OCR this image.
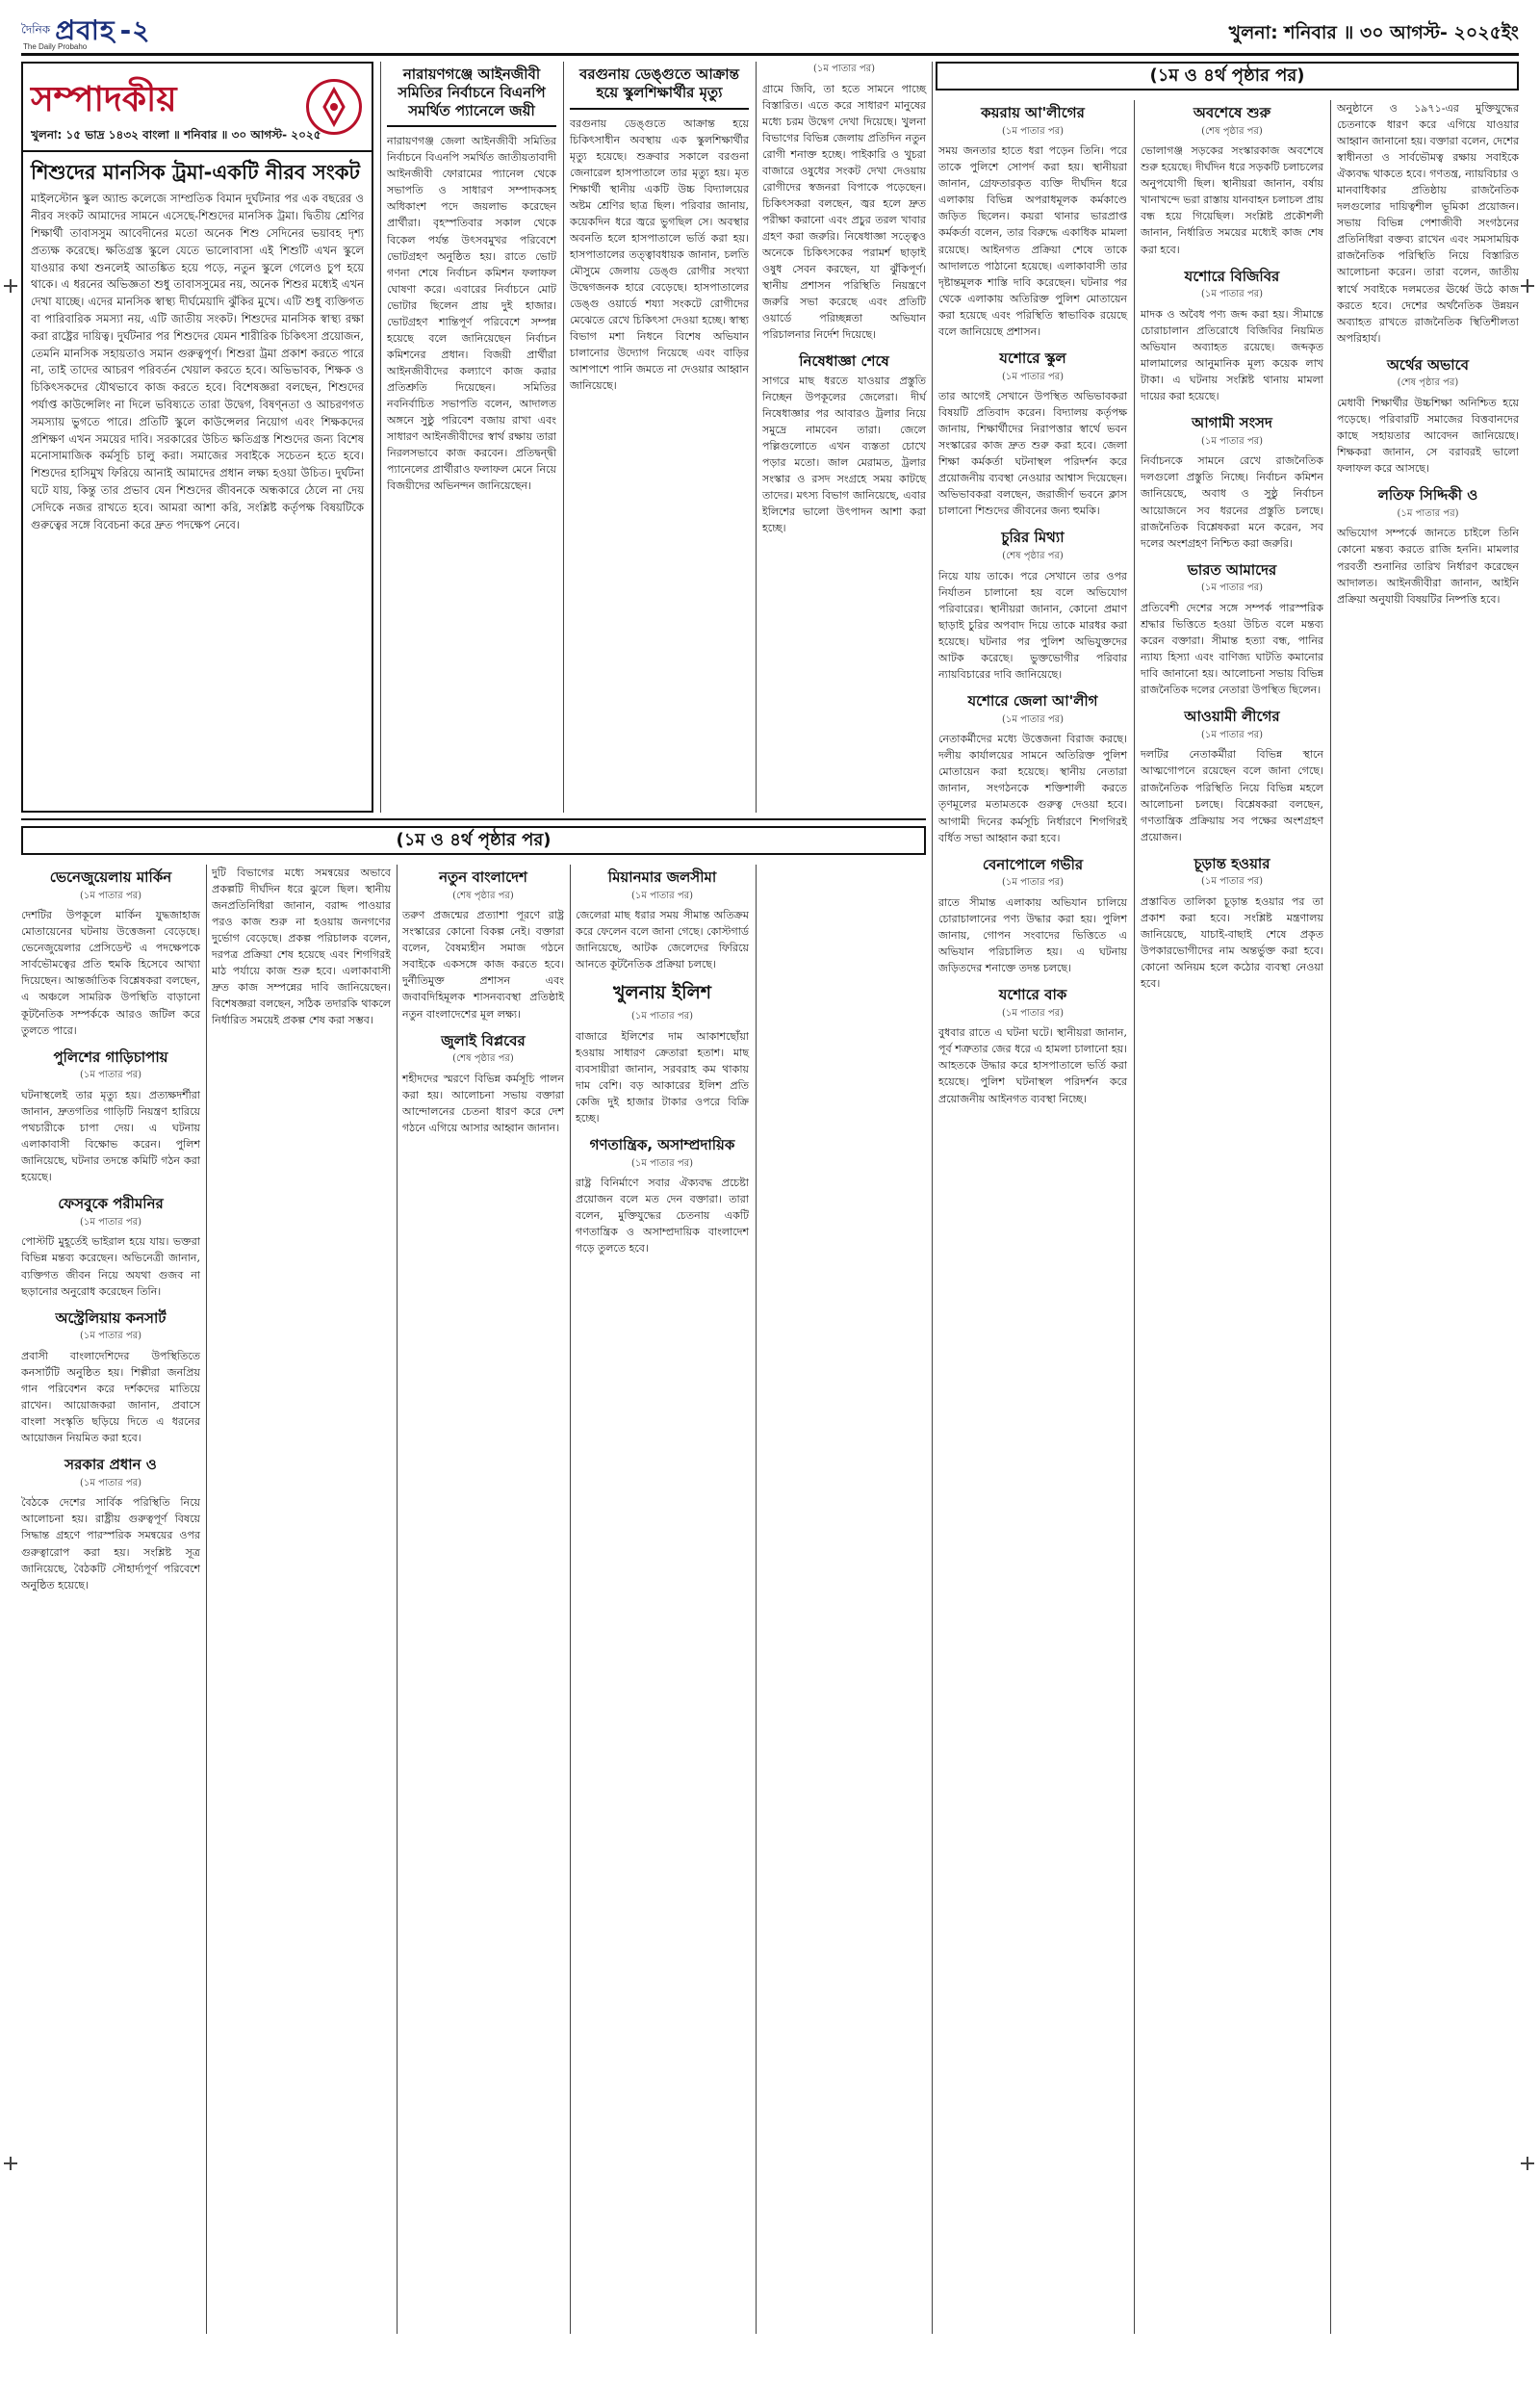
$^{দৈনিক}$ প্রবাহ -২
The Daily Probaho
খুলনা: শনিবার ॥ ৩০ আগস্ট- ২০২৫ইং
সম্পাদকীয়
খুলনা: ১৫ ভাদ্র ১৪৩২ বাংলা ॥ শনিবার ॥ ৩০ আগস্ট- ২০২৫
শিশুদের মানসিক ট্রমা-একটি নীরব সংকট

মাইলস্টোন স্কুল অ্যান্ড কলেজে সাম্প্রতিক বিমান দুর্ঘটনার পর এক বছরের ও নীরব সংকট আমাদের সামনে এসেছে-শিশুদের মানসিক ট্রমা। দ্বিতীয় শ্রেণির শিক্ষার্থী তাবাসসুম আবেদীনের মতো অনেক শিশু সেদিনের ভয়াবহ দৃশ্য প্রত্যক্ষ করেছে। ক্ষতিগ্রস্ত স্কুলে যেতে ভালোবাসা এই শিশুটি এখন স্কুলে যাওয়ার কথা শুনলেই আতঙ্কিত হয়ে পড়ে, নতুন স্কুলে গেলেও চুপ হয়ে থাকে। এ ধরনের অভিজ্ঞতা শুধু তাবাসসুমের নয়, অনেক শিশুর মধ্যেই এখন দেখা যাচ্ছে। এদের মানসিক স্বাস্থ্য দীর্ঘমেয়াদি ঝুঁকির মুখে। এটি শুধু ব্যক্তিগত বা পারিবারিক সমস্যা নয়, এটি জাতীয় সংকট। শিশুদের মানসিক স্বাস্থ্য রক্ষা করা রাষ্ট্রের দায়িত্ব। দুর্ঘটনার পর শিশুদের যেমন শারীরিক চিকিৎসা প্রয়োজন, তেমনি মানসিক সহায়তাও সমান গুরুত্বপূর্ণ। শিশুরা ট্রমা প্রকাশ করতে পারে না, তাই তাদের আচরণ পরিবর্তন খেয়াল করতে হবে। অভিভাবক, শিক্ষক ও চিকিৎসকদের যৌথভাবে কাজ করতে হবে। বিশেষজ্ঞরা বলছেন, শিশুদের পর্যাপ্ত কাউন্সেলিং না দিলে ভবিষ্যতে তারা উদ্বেগ, বিষণ্নতা ও আচরণগত সমস্যায় ভুগতে পারে। প্রতিটি স্কুলে কাউন্সেলর নিয়োগ এবং শিক্ষকদের প্রশিক্ষণ এখন সময়ের দাবি। সরকারের উচিত ক্ষতিগ্রস্ত শিশুদের জন্য বিশেষ মনোসামাজিক কর্মসূচি চালু করা। সমাজের সবাইকে সচেতন হতে হবে। শিশুদের হাসিমুখ ফিরিয়ে আনাই আমাদের প্রধান লক্ষ্য হওয়া উচিত। দুর্ঘটনা ঘটে যায়, কিন্তু তার প্রভাব যেন শিশুদের জীবনকে অন্ধকারে ঠেলে না দেয় সেদিকে নজর রাখতে হবে। আমরা আশা করি, সংশ্লিষ্ট কর্তৃপক্ষ বিষয়টিকে গুরুত্বের সঙ্গে বিবেচনা করে দ্রুত পদক্ষেপ নেবে।

নারায়ণগঞ্জে আইনজীবী সমিতির নির্বাচনে বিএনপি সমর্থিত প্যানেলে জয়ী

নারায়ণগঞ্জ জেলা আইনজীবী সমিতির নির্বাচনে বিএনপি সমর্থিত জাতীয়তাবাদী আইনজীবী ফোরামের প্যানেল থেকে সভাপতি ও সাধারণ সম্পাদকসহ অধিকাংশ পদে জয়লাভ করেছেন প্রার্থীরা। বৃহস্পতিবার সকাল থেকে বিকেল পর্যন্ত উৎসবমুখর পরিবেশে ভোটগ্রহণ অনুষ্ঠিত হয়। রাতে ভোট গণনা শেষে নির্বাচন কমিশন ফলাফল ঘোষণা করে। এবারের নির্বাচনে মোট ভোটার ছিলেন প্রায় দুই হাজার। ভোটগ্রহণ শান্তিপূর্ণ পরিবেশে সম্পন্ন হয়েছে বলে জানিয়েছেন নির্বাচন কমিশনের প্রধান। বিজয়ী প্রার্থীরা আইনজীবীদের কল্যাণে কাজ করার প্রতিশ্রুতি দিয়েছেন। সমিতির নবনির্বাচিত সভাপতি বলেন, আদালত অঙ্গনে সুষ্ঠু পরিবেশ বজায় রাখা এবং সাধারণ আইনজীবীদের স্বার্থ রক্ষায় তারা নিরলসভাবে কাজ করবেন। প্রতিদ্বন্দ্বী প্যানেলের প্রার্থীরাও ফলাফল মেনে নিয়ে বিজয়ীদের অভিনন্দন জানিয়েছেন।

বরগুনায় ডেঙ্গুতে আক্রান্ত হয়ে স্কুলশিক্ষার্থীর মৃত্যু

বরগুনায় ডেঙ্গুতে আক্রান্ত হয়ে চিকিৎসাধীন অবস্থায় এক স্কুলশিক্ষার্থীর মৃত্যু হয়েছে। শুক্রবার সকালে বরগুনা জেনারেল হাসপাতালে তার মৃত্যু হয়। মৃত শিক্ষার্থী স্থানীয় একটি উচ্চ বিদ্যালয়ের অষ্টম শ্রেণির ছাত্র ছিল। পরিবার জানায়, কয়েকদিন ধরে জ্বরে ভুগছিল সে। অবস্থার অবনতি হলে হাসপাতালে ভর্তি করা হয়। হাসপাতালের তত্ত্বাবধায়ক জানান, চলতি মৌসুমে জেলায় ডেঙ্গু রোগীর সংখ্যা উদ্বেগজনক হারে বেড়েছে। হাসপাতালের ডেঙ্গু ওয়ার্ডে শয্যা সংকটে রোগীদের মেঝেতে রেখে চিকিৎসা দেওয়া হচ্ছে। স্বাস্থ্য বিভাগ মশা নিধনে বিশেষ অভিযান চালানোর উদ্যোগ নিয়েছে এবং বাড়ির আশপাশে পানি জমতে না দেওয়ার আহ্বান জানিয়েছে।

(১ম পাতার পর)

গ্রামে জিবি, তা হতে সামনে পাচ্ছে বিস্তারিত। এতে করে সাধারণ মানুষের মধ্যে চরম উদ্বেগ দেখা দিয়েছে। খুলনা বিভাগের বিভিন্ন জেলায় প্রতিদিন নতুন রোগী শনাক্ত হচ্ছে। পাইকারি ও খুচরা বাজারে ওষুধের সংকট দেখা দেওয়ায় রোগীদের স্বজনরা বিপাকে পড়েছেন। চিকিৎসকরা বলছেন, জ্বর হলে দ্রুত পরীক্ষা করানো এবং প্রচুর তরল খাবার গ্রহণ করা জরুরি। নিষেধাজ্ঞা সত্ত্বেও অনেকে চিকিৎসকের পরামর্শ ছাড়াই ওষুধ সেবন করছেন, যা ঝুঁকিপূর্ণ। স্থানীয় প্রশাসন পরিস্থিতি নিয়ন্ত্রণে জরুরি সভা করেছে এবং প্রতিটি ওয়ার্ডে পরিচ্ছন্নতা অভিযান পরিচালনার নির্দেশ দিয়েছে।

নিষেধাজ্ঞা শেষে

সাগরে মাছ ধরতে যাওয়ার প্রস্তুতি নিচ্ছেন উপকূলের জেলেরা। দীর্ঘ নিষেধাজ্ঞার পর আবারও ট্রলার নিয়ে সমুদ্রে নামবেন তারা। জেলে পল্লিগুলোতে এখন ব্যস্ততা চোখে পড়ার মতো। জাল মেরামত, ট্রলার সংস্কার ও রসদ সংগ্রহে সময় কাটছে তাদের। মৎস্য বিভাগ জানিয়েছে, এবার ইলিশের ভালো উৎপাদন আশা করা হচ্ছে।

(১ম ও ৪র্থ পৃষ্ঠার পর)
কয়রায় আ'লীগের
(১ম পাতার পর)

সময় জনতার হাতে ধরা পড়েন তিনি। পরে তাকে পুলিশে সোপর্দ করা হয়। স্থানীয়রা জানান, গ্রেফতারকৃত ব্যক্তি দীর্ঘদিন ধরে এলাকায় বিভিন্ন অপরাধমূলক কর্মকাণ্ডে জড়িত ছিলেন। কয়রা থানার ভারপ্রাপ্ত কর্মকর্তা বলেন, তার বিরুদ্ধে একাধিক মামলা রয়েছে। আইনগত প্রক্রিয়া শেষে তাকে আদালতে পাঠানো হয়েছে। এলাকাবাসী তার দৃষ্টান্তমূলক শাস্তি দাবি করেছেন। ঘটনার পর থেকে এলাকায় অতিরিক্ত পুলিশ মোতায়েন করা হয়েছে এবং পরিস্থিতি স্বাভাবিক রয়েছে বলে জানিয়েছে প্রশাসন।

যশোরে স্কুল
(১ম পাতার পর)

তার আগেই সেখানে উপস্থিত অভিভাবকরা বিষয়টি প্রতিবাদ করেন। বিদ্যালয় কর্তৃপক্ষ জানায়, শিক্ষার্থীদের নিরাপত্তার স্বার্থে ভবন সংস্কারের কাজ দ্রুত শুরু করা হবে। জেলা শিক্ষা কর্মকর্তা ঘটনাস্থল পরিদর্শন করে প্রয়োজনীয় ব্যবস্থা নেওয়ার আশ্বাস দিয়েছেন। অভিভাবকরা বলছেন, জরাজীর্ণ ভবনে ক্লাস চালানো শিশুদের জীবনের জন্য হুমকি।

চুরির মিথ্যা
(শেষ পৃষ্ঠার পর)

নিয়ে যায় তাকে। পরে সেখানে তার ওপর নির্যাতন চালানো হয় বলে অভিযোগ পরিবারের। স্থানীয়রা জানান, কোনো প্রমাণ ছাড়াই চুরির অপবাদ দিয়ে তাকে মারধর করা হয়েছে। ঘটনার পর পুলিশ অভিযুক্তদের আটক করেছে। ভুক্তভোগীর পরিবার ন্যায়বিচারের দাবি জানিয়েছে।

যশোরে জেলা আ'লীগ
(১ম পাতার পর)

নেতাকর্মীদের মধ্যে উত্তেজনা বিরাজ করছে। দলীয় কার্যালয়ের সামনে অতিরিক্ত পুলিশ মোতায়েন করা হয়েছে। স্থানীয় নেতারা জানান, সংগঠনকে শক্তিশালী করতে তৃণমূলের মতামতকে গুরুত্ব দেওয়া হবে। আগামী দিনের কর্মসূচি নির্ধারণে শিগগিরই বর্ধিত সভা আহ্বান করা হবে।

বেনাপোলে গভীর
(১ম পাতার পর)

রাতে সীমান্ত এলাকায় অভিযান চালিয়ে চোরাচালানের পণ্য উদ্ধার করা হয়। পুলিশ জানায়, গোপন সংবাদের ভিত্তিতে এ অভিযান পরিচালিত হয়। এ ঘটনায় জড়িতদের শনাক্তে তদন্ত চলছে।

যশোরে বাক
(১ম পাতার পর)

বুধবার রাতে এ ঘটনা ঘটে। স্থানীয়রা জানান, পূর্ব শত্রুতার জের ধরে এ হামলা চালানো হয়। আহতকে উদ্ধার করে হাসপাতালে ভর্তি করা হয়েছে। পুলিশ ঘটনাস্থল পরিদর্শন করে প্রয়োজনীয় আইনগত ব্যবস্থা নিচ্ছে।

অবশেষে শুরু
(শেষ পৃষ্ঠার পর)

ভোলাগঞ্জ সড়কের সংস্কারকাজ অবশেষে শুরু হয়েছে। দীর্ঘদিন ধরে সড়কটি চলাচলের অনুপযোগী ছিল। স্থানীয়রা জানান, বর্ষায় খানাখন্দে ভরা রাস্তায় যানবাহন চলাচল প্রায় বন্ধ হয়ে গিয়েছিল। সংশ্লিষ্ট প্রকৌশলী জানান, নির্ধারিত সময়ের মধ্যেই কাজ শেষ করা হবে।

যশোরে বিজিবির
(১ম পাতার পর)

মাদক ও অবৈধ পণ্য জব্দ করা হয়। সীমান্তে চোরাচালান প্রতিরোধে বিজিবির নিয়মিত অভিযান অব্যাহত রয়েছে। জব্দকৃত মালামালের আনুমানিক মূল্য কয়েক লাখ টাকা। এ ঘটনায় সংশ্লিষ্ট থানায় মামলা দায়ের করা হয়েছে।

আগামী সংসদ
(১ম পাতার পর)

নির্বাচনকে সামনে রেখে রাজনৈতিক দলগুলো প্রস্তুতি নিচ্ছে। নির্বাচন কমিশন জানিয়েছে, অবাধ ও সুষ্ঠু নির্বাচন আয়োজনে সব ধরনের প্রস্তুতি চলছে। রাজনৈতিক বিশ্লেষকরা মনে করেন, সব দলের অংশগ্রহণ নিশ্চিত করা জরুরি।

ভারত আমাদের
(১ম পাতার পর)

প্রতিবেশী দেশের সঙ্গে সম্পর্ক পারস্পরিক শ্রদ্ধার ভিত্তিতে হওয়া উচিত বলে মন্তব্য করেন বক্তারা। সীমান্ত হত্যা বন্ধ, পানির ন্যায্য হিস্যা এবং বাণিজ্য ঘাটতি কমানোর দাবি জানানো হয়। আলোচনা সভায় বিভিন্ন রাজনৈতিক দলের নেতারা উপস্থিত ছিলেন।

আওয়ামী লীগের
(১ম পাতার পর)

দলটির নেতাকর্মীরা বিভিন্ন স্থানে আত্মগোপনে রয়েছেন বলে জানা গেছে। রাজনৈতিক পরিস্থিতি নিয়ে বিভিন্ন মহলে আলোচনা চলছে। বিশ্লেষকরা বলছেন, গণতান্ত্রিক প্রক্রিয়ায় সব পক্ষের অংশগ্রহণ প্রয়োজন।

চূড়ান্ত হওয়ার
(১ম পাতার পর)

প্রস্তাবিত তালিকা চূড়ান্ত হওয়ার পর তা প্রকাশ করা হবে। সংশ্লিষ্ট মন্ত্রণালয় জানিয়েছে, যাচাই-বাছাই শেষে প্রকৃত উপকারভোগীদের নাম অন্তর্ভুক্ত করা হবে। কোনো অনিয়ম হলে কঠোর ব্যবস্থা নেওয়া হবে।

অনুষ্ঠানে ও ১৯৭১-এর মুক্তিযুদ্ধের চেতনাকে ধারণ করে এগিয়ে যাওয়ার আহ্বান জানানো হয়। বক্তারা বলেন, দেশের স্বাধীনতা ও সার্বভৌমত্ব রক্ষায় সবাইকে ঐক্যবদ্ধ থাকতে হবে। গণতন্ত্র, ন্যায়বিচার ও মানবাধিকার প্রতিষ্ঠায় রাজনৈতিক দলগুলোর দায়িত্বশীল ভূমিকা প্রয়োজন। সভায় বিভিন্ন পেশাজীবী সংগঠনের প্রতিনিধিরা বক্তব্য রাখেন এবং সমসাময়িক রাজনৈতিক পরিস্থিতি নিয়ে বিস্তারিত আলোচনা করেন। তারা বলেন, জাতীয় স্বার্থে সবাইকে দলমতের ঊর্ধ্বে উঠে কাজ করতে হবে। দেশের অর্থনৈতিক উন্নয়ন অব্যাহত রাখতে রাজনৈতিক স্থিতিশীলতা অপরিহার্য।

অর্থের অভাবে
(শেষ পৃষ্ঠার পর)

মেধাবী শিক্ষার্থীর উচ্চশিক্ষা অনিশ্চিত হয়ে পড়েছে। পরিবারটি সমাজের বিত্তবানদের কাছে সহায়তার আবেদন জানিয়েছে। শিক্ষকরা জানান, সে বরাবরই ভালো ফলাফল করে আসছে।

লতিফ সিদ্দিকী ও
(১ম পাতার পর)

অভিযোগ সম্পর্কে জানতে চাইলে তিনি কোনো মন্তব্য করতে রাজি হননি। মামলার পরবর্তী শুনানির তারিখ নির্ধারণ করেছেন আদালত। আইনজীবীরা জানান, আইনি প্রক্রিয়া অনুযায়ী বিষয়টির নিষ্পত্তি হবে।

(১ম ও ৪র্থ পৃষ্ঠার পর)
ভেনেজুয়েলায় মার্কিন
(১ম পাতার পর)

দেশটির উপকূলে মার্কিন যুদ্ধজাহাজ মোতায়েনের ঘটনায় উত্তেজনা বেড়েছে। ভেনেজুয়েলার প্রেসিডেন্ট এ পদক্ষেপকে সার্বভৌমত্বের প্রতি হুমকি হিসেবে আখ্যা দিয়েছেন। আন্তর্জাতিক বিশ্লেষকরা বলছেন, এ অঞ্চলে সামরিক উপস্থিতি বাড়ানো কূটনৈতিক সম্পর্ককে আরও জটিল করে তুলতে পারে।

পুলিশের গাড়িচাপায়
(১ম পাতার পর)

ঘটনাস্থলেই তার মৃত্যু হয়। প্রত্যক্ষদর্শীরা জানান, দ্রুতগতির গাড়িটি নিয়ন্ত্রণ হারিয়ে পথচারীকে চাপা দেয়। এ ঘটনায় এলাকাবাসী বিক্ষোভ করেন। পুলিশ জানিয়েছে, ঘটনার তদন্তে কমিটি গঠন করা হয়েছে।

ফেসবুকে পরীমনির
(১ম পাতার পর)

পোস্টটি মুহূর্তেই ভাইরাল হয়ে যায়। ভক্তরা বিভিন্ন মন্তব্য করেছেন। অভিনেত্রী জানান, ব্যক্তিগত জীবন নিয়ে অযথা গুজব না ছড়ানোর অনুরোধ করেছেন তিনি।

অস্ট্রেলিয়ায় কনসার্ট
(১ম পাতার পর)

প্রবাসী বাংলাদেশিদের উপস্থিতিতে কনসার্টটি অনুষ্ঠিত হয়। শিল্পীরা জনপ্রিয় গান পরিবেশন করে দর্শকদের মাতিয়ে রাখেন। আয়োজকরা জানান, প্রবাসে বাংলা সংস্কৃতি ছড়িয়ে দিতে এ ধরনের আয়োজন নিয়মিত করা হবে।

সরকার প্রধান ও
(১ম পাতার পর)

বৈঠকে দেশের সার্বিক পরিস্থিতি নিয়ে আলোচনা হয়। রাষ্ট্রীয় গুরুত্বপূর্ণ বিষয়ে সিদ্ধান্ত গ্রহণে পারস্পরিক সমন্বয়ের ওপর গুরুত্বারোপ করা হয়। সংশ্লিষ্ট সূত্র জানিয়েছে, বৈঠকটি সৌহার্দ্যপূর্ণ পরিবেশে অনুষ্ঠিত হয়েছে।

দুটি বিভাগের মধ্যে সমন্বয়ের অভাবে প্রকল্পটি দীর্ঘদিন ধরে ঝুলে ছিল। স্থানীয় জনপ্রতিনিধিরা জানান, বরাদ্দ পাওয়ার পরও কাজ শুরু না হওয়ায় জনগণের দুর্ভোগ বেড়েছে। প্রকল্প পরিচালক বলেন, দরপত্র প্রক্রিয়া শেষ হয়েছে এবং শিগগিরই মাঠ পর্যায়ে কাজ শুরু হবে। এলাকাবাসী দ্রুত কাজ সম্পন্নের দাবি জানিয়েছেন। বিশেষজ্ঞরা বলছেন, সঠিক তদারকি থাকলে নির্ধারিত সময়েই প্রকল্প শেষ করা সম্ভব।

নতুন বাংলাদেশ
(শেষ পৃষ্ঠার পর)

তরুণ প্রজন্মের প্রত্যাশা পূরণে রাষ্ট্র সংস্কারের কোনো বিকল্প নেই। বক্তারা বলেন, বৈষম্যহীন সমাজ গঠনে সবাইকে একসঙ্গে কাজ করতে হবে। দুর্নীতিমুক্ত প্রশাসন এবং জবাবদিহিমূলক শাসনব্যবস্থা প্রতিষ্ঠাই নতুন বাংলাদেশের মূল লক্ষ্য।

জুলাই বিপ্লবের
(শেষ পৃষ্ঠার পর)

শহীদদের স্মরণে বিভিন্ন কর্মসূচি পালন করা হয়। আলোচনা সভায় বক্তারা আন্দোলনের চেতনা ধারণ করে দেশ গঠনে এগিয়ে আসার আহ্বান জানান।

মিয়ানমার জলসীমা
(১ম পাতার পর)

জেলেরা মাছ ধরার সময় সীমান্ত অতিক্রম করে ফেলেন বলে জানা গেছে। কোস্টগার্ড জানিয়েছে, আটক জেলেদের ফিরিয়ে আনতে কূটনৈতিক প্রক্রিয়া চলছে।

খুলনায় ইলিশ
(১ম পাতার পর)

বাজারে ইলিশের দাম আকাশছোঁয়া হওয়ায় সাধারণ ক্রেতারা হতাশ। মাছ ব্যবসায়ীরা জানান, সরবরাহ কম থাকায় দাম বেশি। বড় আকারের ইলিশ প্রতি কেজি দুই হাজার টাকার ওপরে বিক্রি হচ্ছে।

গণতান্ত্রিক, অসাম্প্রদায়িক
(১ম পাতার পর)

রাষ্ট্র বিনির্মাণে সবার ঐক্যবদ্ধ প্রচেষ্টা প্রয়োজন বলে মত দেন বক্তারা। তারা বলেন, মুক্তিযুদ্ধের চেতনায় একটি গণতান্ত্রিক ও অসাম্প্রদায়িক বাংলাদেশ গড়ে তুলতে হবে।
